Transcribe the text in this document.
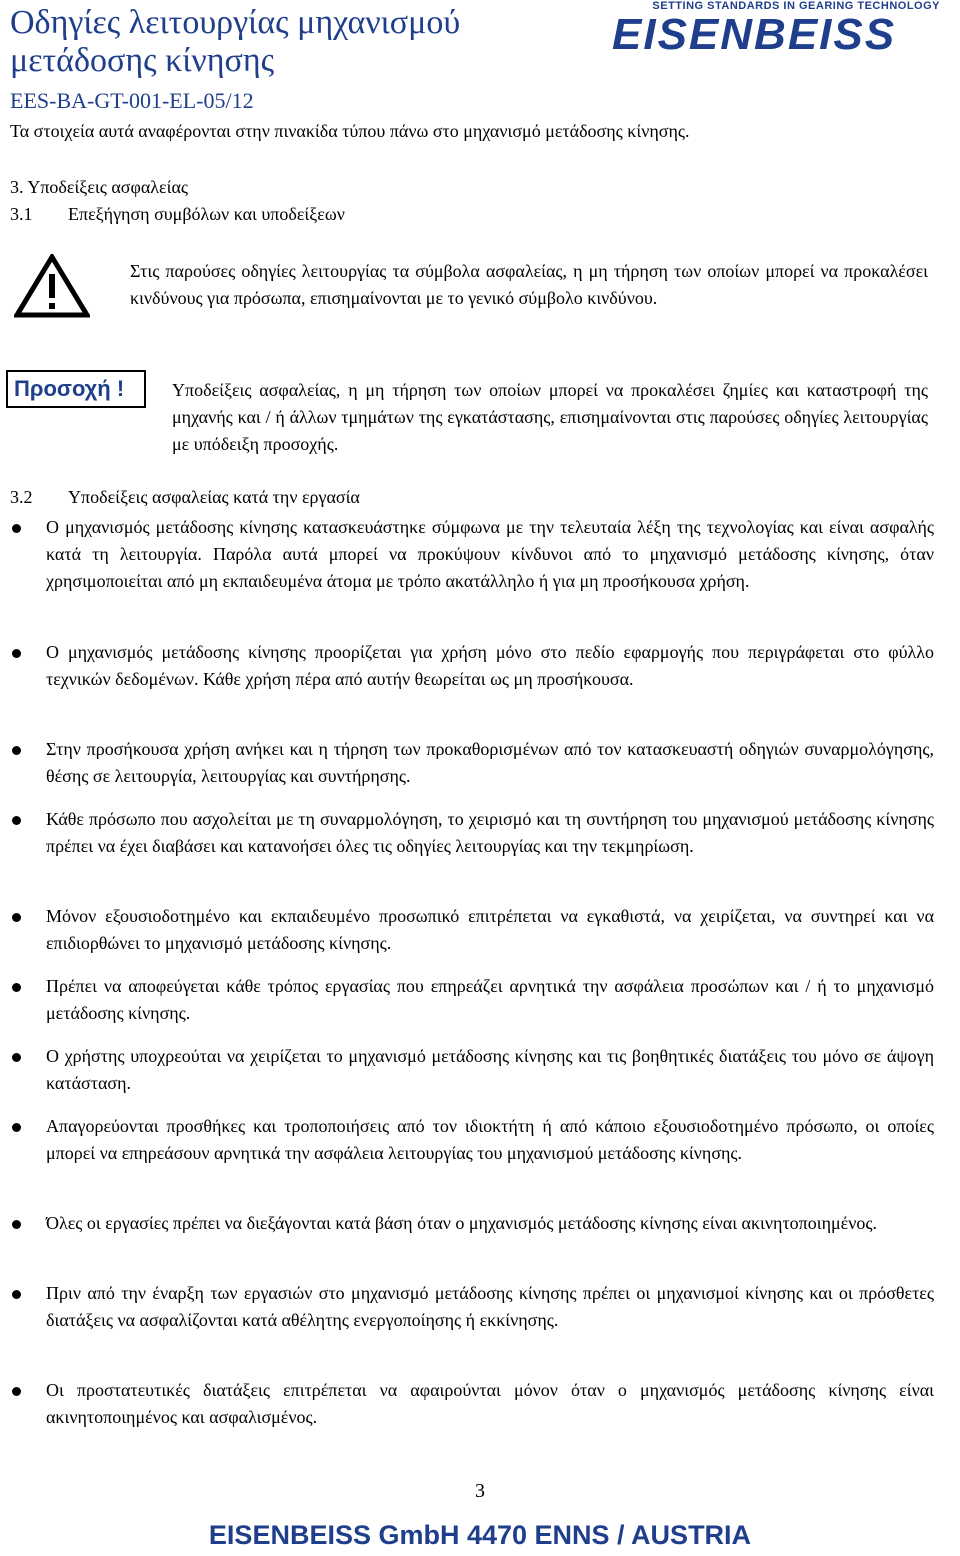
Οδηγίες λειτουργίας μηχανισμού μετάδοσης κίνησης
EES-BA-GT-001-EL-05/12
SETTING STANDARDS IN GEARING TECHNOLOGY
EISENBEISS
Τα στοιχεία αυτά αναφέρονται στην πινακίδα τύπου πάνω στο μηχανισμό μετάδοσης κίνησης.
3. Υποδείξεις ασφαλείας
3.1 Επεξήγηση συμβόλων και υποδείξεων
Στις παρούσες οδηγίες λειτουργίας τα σύμβολα ασφαλείας, η μη τήρηση των οποίων μπορεί να προκαλέσει κινδύνους για πρόσωπα, επισημαίνονται με το γενικό σύμβολο κινδύνου.
Προσοχή !	Υποδείξεις ασφαλείας, η μη τήρηση των οποίων μπορεί να προκαλέσει ζημίες και καταστροφή της μηχανής και / ή άλλων τμημάτων της εγκατάστασης, επισημαίνονται στις παρούσες οδηγίες λειτουργίας με υπόδειξη προσοχής.
3.2 Υποδείξεις ασφαλείας κατά την εργασία
Ο μηχανισμός μετάδοσης κίνησης κατασκευάστηκε σύμφωνα με την τελευταία λέξη της τεχνολογίας και είναι ασφαλής κατά τη λειτουργία. Παρόλα αυτά μπορεί να προκύψουν κίνδυνοι από το μηχανισμό μετάδοσης κίνησης, όταν χρησιμοποιείται από μη εκπαιδευμένα άτομα με τρόπο ακατάλληλο ή για μη προσήκουσα χρήση.
Ο μηχανισμός μετάδοσης κίνησης προορίζεται για χρήση μόνο στο πεδίο εφαρμογής που περιγράφεται στο φύλλο τεχνικών δεδομένων. Κάθε χρήση πέρα από αυτήν θεωρείται ως μη προσήκουσα.
Στην προσήκουσα χρήση ανήκει και η τήρηση των προκαθορισμένων από τον κατασκευαστή οδηγιών συναρμολόγησης, θέσης σε λειτουργία, λειτουργίας και συντήρησης.
Κάθε πρόσωπο που ασχολείται με τη συναρμολόγηση, το χειρισμό και τη συντήρηση του μηχανισμού μετάδοσης κίνησης πρέπει να έχει διαβάσει και κατανοήσει όλες τις οδηγίες λειτουργίας και την τεκμηρίωση.
Μόνον εξουσιοδοτημένο και εκπαιδευμένο προσωπικό επιτρέπεται να εγκαθιστά, να χειρίζεται, να συντηρεί και να επιδιορθώνει το μηχανισμό μετάδοσης κίνησης.
Πρέπει να αποφεύγεται κάθε τρόπος εργασίας που επηρεάζει αρνητικά την ασφάλεια προσώπων και / ή το μηχανισμό μετάδοσης κίνησης.
Ο χρήστης υποχρεούται να χειρίζεται το μηχανισμό μετάδοσης κίνησης και τις βοηθητικές διατάξεις του μόνο σε άψογη κατάσταση.
Απαγορεύονται προσθήκες και τροποποιήσεις από τον ιδιοκτήτη ή από κάποιο εξουσιοδοτημένο πρόσωπο, οι οποίες μπορεί να επηρεάσουν αρνητικά την ασφάλεια λειτουργίας του μηχανισμού μετάδοσης κίνησης.
Όλες οι εργασίες πρέπει να διεξάγονται κατά βάση όταν ο μηχανισμός μετάδοσης κίνησης είναι ακινητοποιημένος.
Πριν από την έναρξη των εργασιών στο μηχανισμό μετάδοσης κίνησης πρέπει οι μηχανισμοί κίνησης και οι πρόσθετες διατάξεις να ασφαλίζονται κατά αθέλητης ενεργοποίησης ή εκκίνησης.
Οι προστατευτικές διατάξεις επιτρέπεται να αφαιρούνται μόνον όταν ο μηχανισμός μετάδοσης κίνησης είναι ακινητοποιημένος και ασφαλισμένος.
3
EISENBEISS GmbH 4470 ENNS / AUSTRIA
